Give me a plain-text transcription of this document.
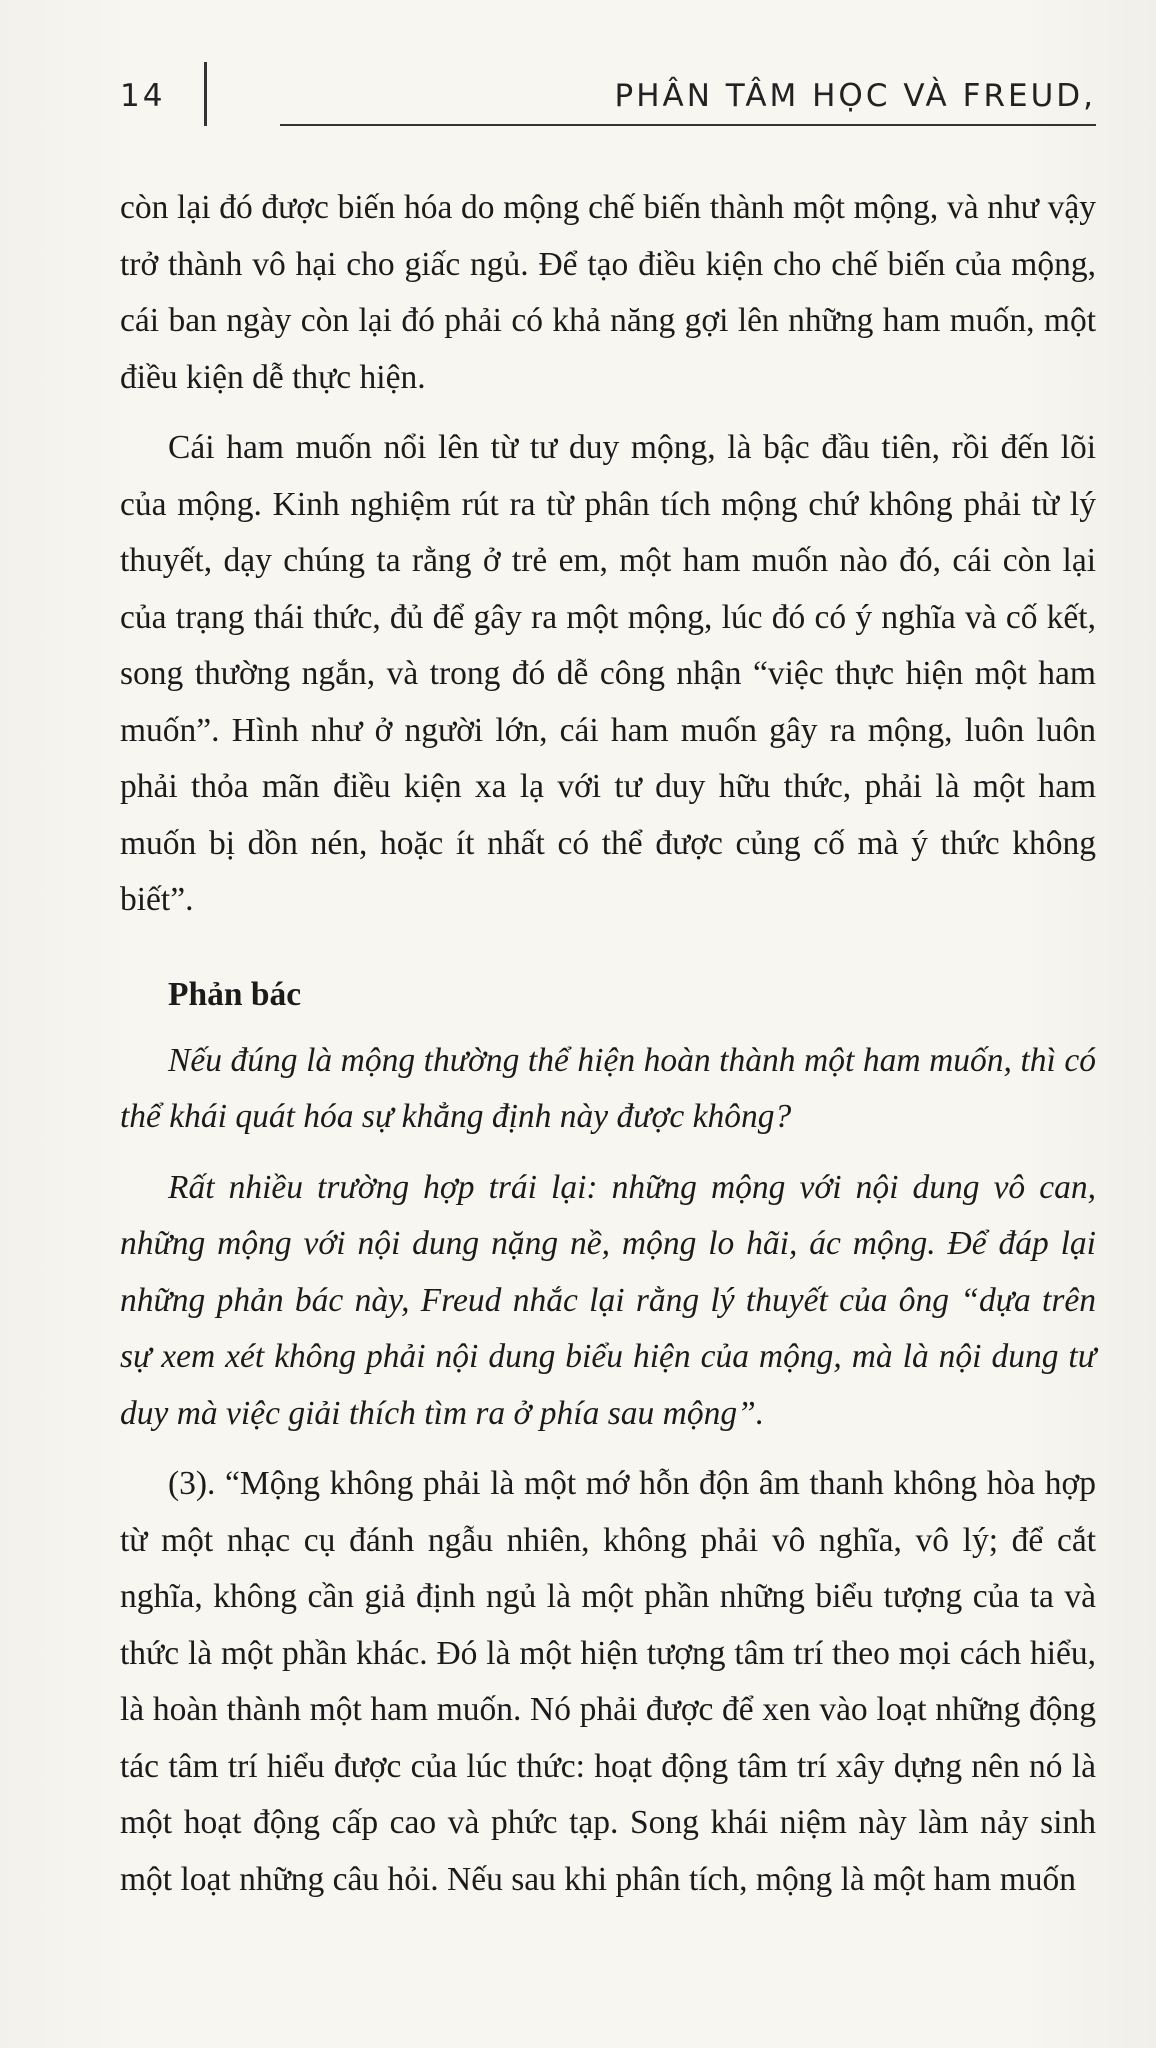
14	PHÂN TÂM HỌC VÀ FREUD,

còn lại đó được biến hóa do mộng chế biến thành một mộng, và như vậy trở thành vô hại cho giấc ngủ. Để tạo điều kiện cho chế biến của mộng, cái ban ngày còn lại đó phải có khả năng gợi lên những ham muốn, một điều kiện dễ thực hiện.

Cái ham muốn nổi lên từ tư duy mộng, là bậc đầu tiên, rồi đến lõi của mộng. Kinh nghiệm rút ra từ phân tích mộng chứ không phải từ lý thuyết, dạy chúng ta rằng ở trẻ em, một ham muốn nào đó, cái còn lại của trạng thái thức, đủ để gây ra một mộng, lúc đó có ý nghĩa và cố kết, song thường ngắn, và trong đó dễ công nhận “việc thực hiện một ham muốn”. Hình như ở người lớn, cái ham muốn gây ra mộng, luôn luôn phải thỏa mãn điều kiện xa lạ với tư duy hữu thức, phải là một ham muốn bị dồn nén, hoặc ít nhất có thể được củng cố mà ý thức không biết”.

Phản bác

Nếu đúng là mộng thường thể hiện hoàn thành một ham muốn, thì có thể khái quát hóa sự khẳng định này được không?

Rất nhiều trường hợp trái lại: những mộng với nội dung vô can, những mộng với nội dung nặng nề, mộng lo hãi, ác mộng. Để đáp lại những phản bác này, Freud nhắc lại rằng lý thuyết của ông “dựa trên sự xem xét không phải nội dung biểu hiện của mộng, mà là nội dung tư duy mà việc giải thích tìm ra ở phía sau mộng”.

(3). “Mộng không phải là một mớ hỗn độn âm thanh không hòa hợp từ một nhạc cụ đánh ngẫu nhiên, không phải vô nghĩa, vô lý; để cắt nghĩa, không cần giả định ngủ là một phần những biểu tượng của ta và thức là một phần khác. Đó là một hiện tượng tâm trí theo mọi cách hiểu, là hoàn thành một ham muốn. Nó phải được để xen vào loạt những động tác tâm trí hiểu được của lúc thức: hoạt động tâm trí xây dựng nên nó là một hoạt động cấp cao và phức tạp. Song khái niệm này làm nảy sinh một loạt những câu hỏi. Nếu sau khi phân tích, mộng là một ham muốn
